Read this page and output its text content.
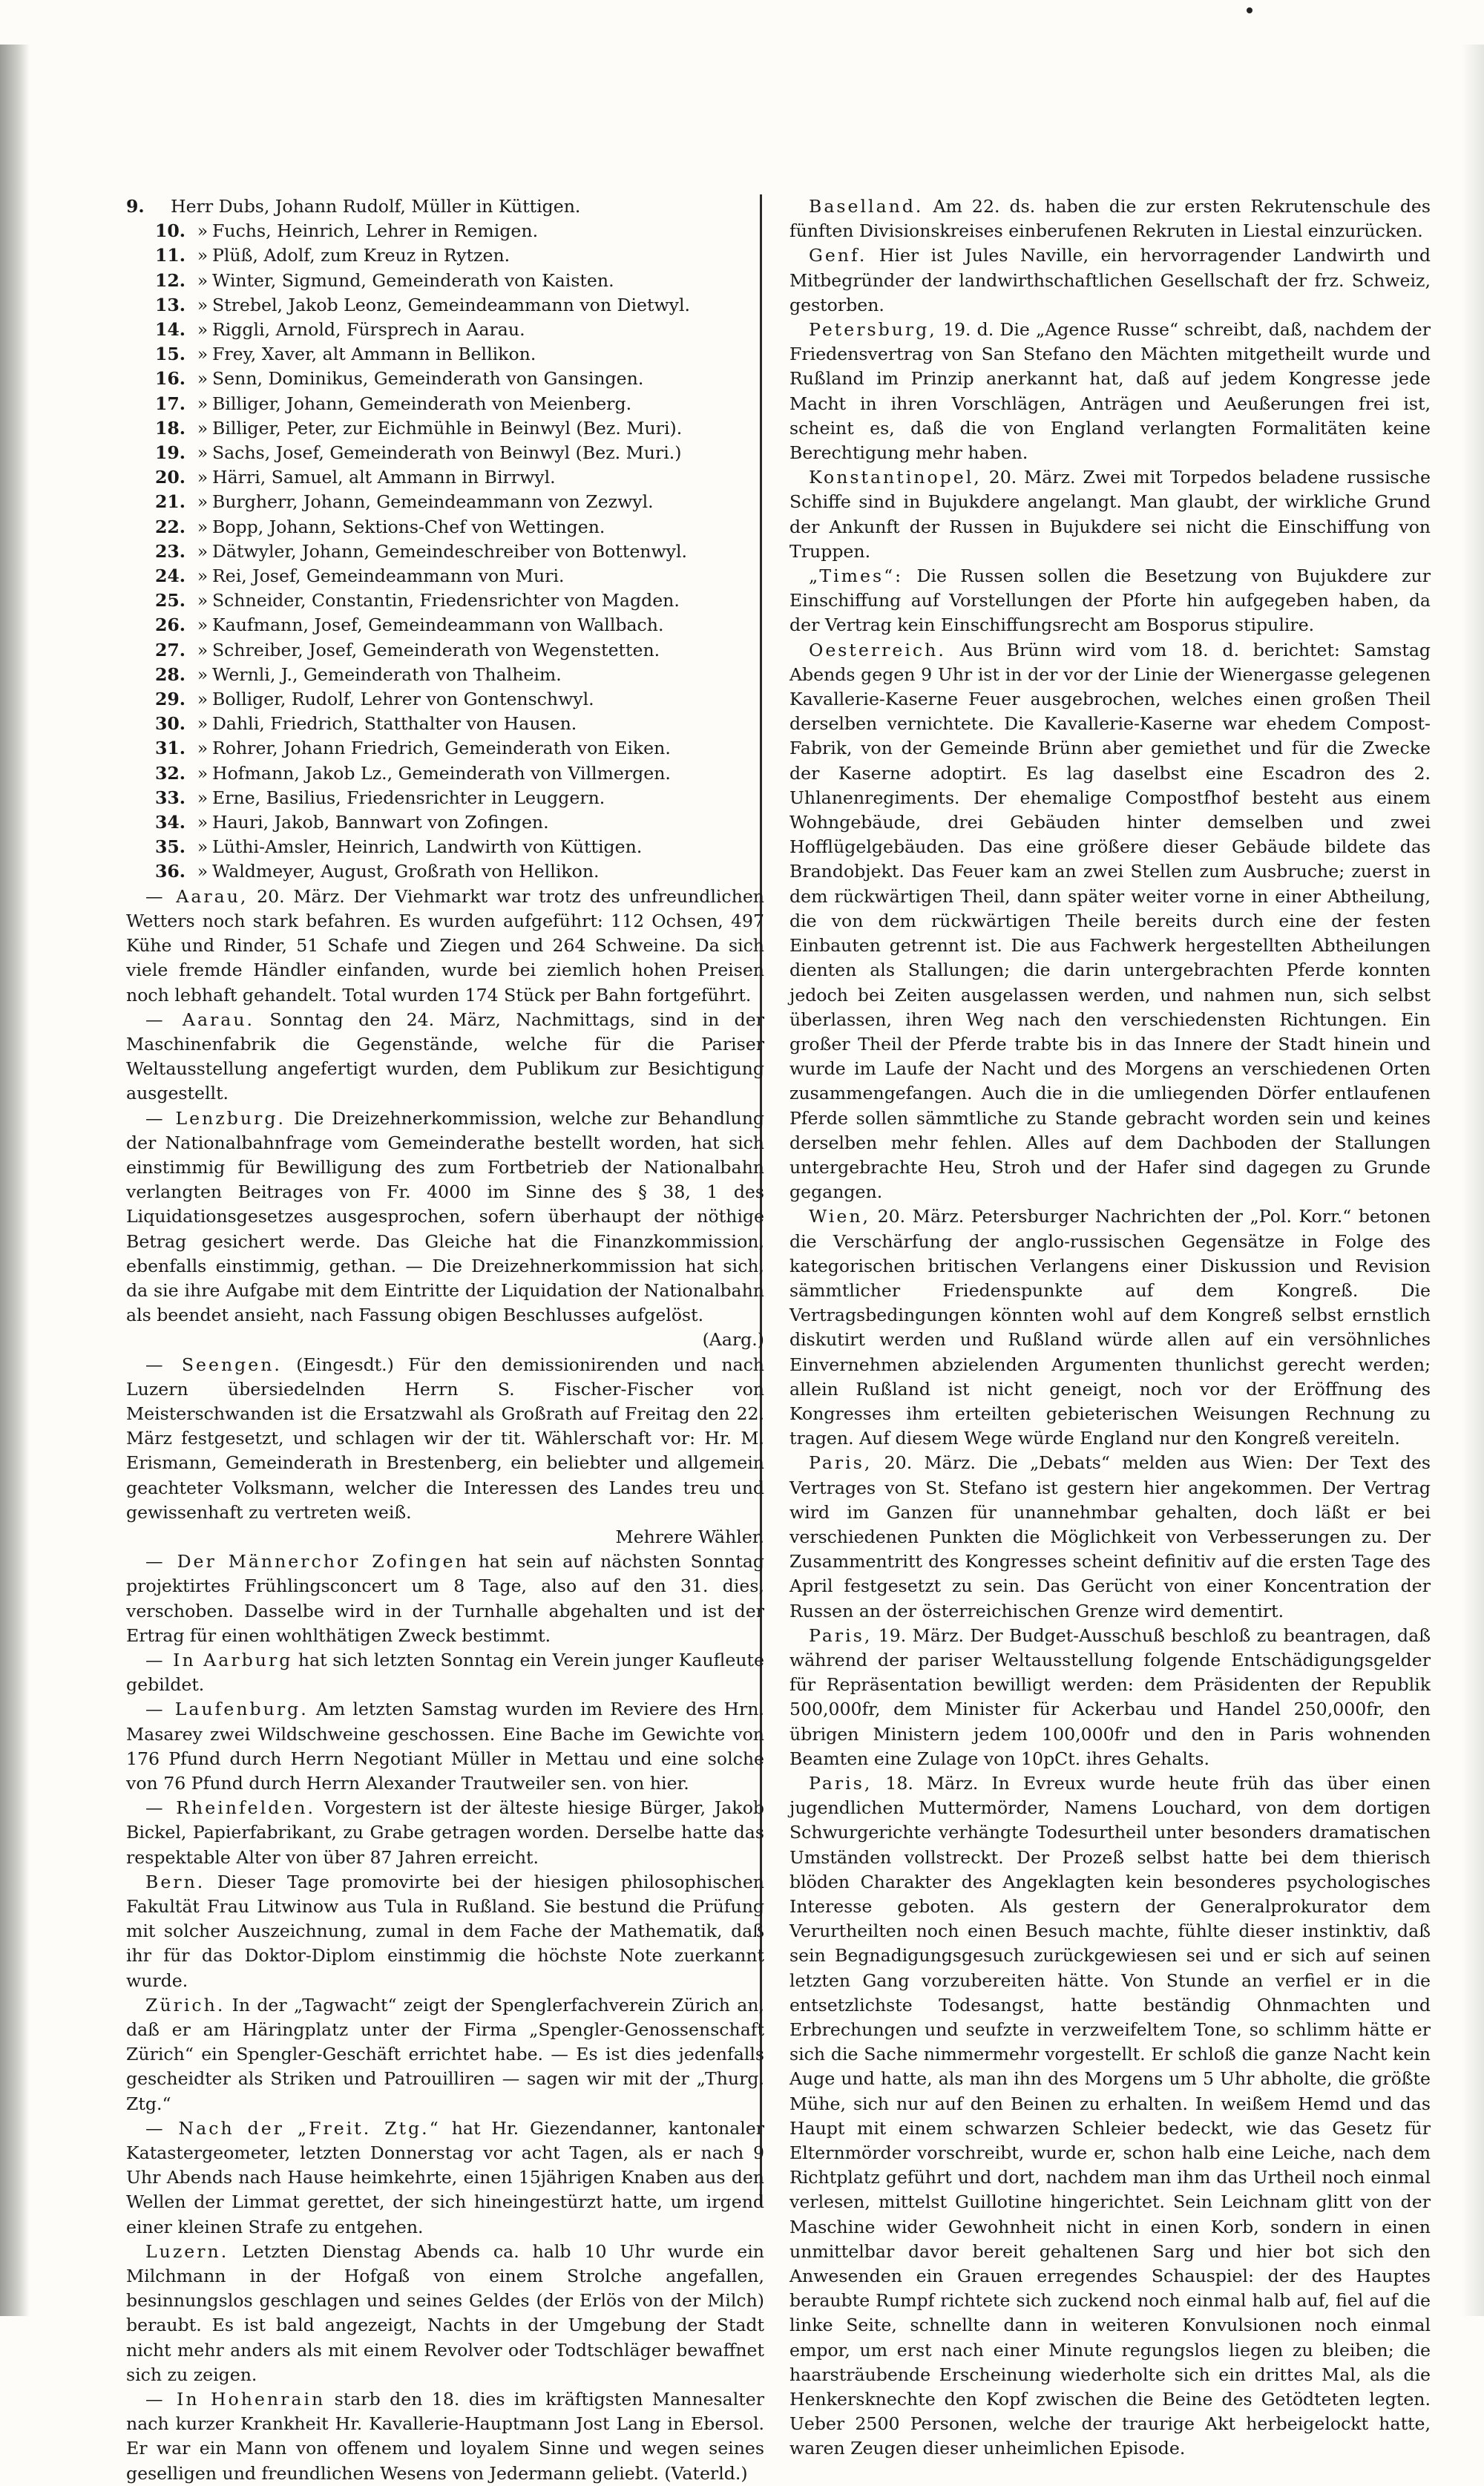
9.	Herr Dubs, Johann Rudolf, Müller in Küttigen.
10. » Fuchs, Heinrich, Lehrer in Remigen.
11. » Plüß, Adolf, zum Kreuz in Rytzen.
12. » Winter, Sigmund, Gemeinderath von Kaisten.
13. » Strebel, Jakob Leonz, Gemeindeammann von Dietwyl.
14. » Riggli, Arnold, Fürsprech in Aarau.
15. » Frey, Xaver, alt Ammann in Bellikon.
16. » Senn, Dominikus, Gemeinderath von Gansingen.
17. » Billiger, Johann, Gemeinderath von Meienberg.
18. » Billiger, Peter, zur Eichmühle in Beinwyl (Bez. Muri).
19. » Sachs, Josef, Gemeinderath von Beinwyl (Bez. Muri.)
20. » Härri, Samuel, alt Ammann in Birrwyl.
21. » Burgherr, Johann, Gemeindeammann von Zezwyl.
22. » Bopp, Johann, Sektions-Chef von Wettingen.
23. » Dätwyler, Johann, Gemeindeschreiber von Bottenwyl.
24. » Rei, Josef, Gemeindeammann von Muri.
25. » Schneider, Constantin, Friedensrichter von Magden.
26. » Kaufmann, Josef, Gemeindeammann von Wallbach.
27. » Schreiber, Josef, Gemeinderath von Wegenstetten.
28. » Wernli, J., Gemeinderath von Thalheim.
29. » Bolliger, Rudolf, Lehrer von Gontenschwyl.
30. » Dahli, Friedrich, Statthalter von Hausen.
31. » Rohrer, Johann Friedrich, Gemeinderath von Eiken.
32. » Hofmann, Jakob Lz., Gemeinderath von Villmergen.
33. » Erne, Basilius, Friedensrichter in Leuggern.
34. » Hauri, Jakob, Bannwart von Zofingen.
35. » Lüthi-Amsler, Heinrich, Landwirth von Küttigen.
36. » Waldmeyer, August, Großrath von Hellikon.

— Aarau, 20. März. Der Viehmarkt war trotz des unfreundlichen Wetters noch stark befahren. Es wurden aufgeführt: 112 Ochsen, 497 Kühe und Rinder, 51 Schafe und Ziegen und 264 Schweine. Da sich viele fremde Händler einfanden, wurde bei ziemlich hohen Preisen noch lebhaft gehandelt. Total wurden 174 Stück per Bahn fortgeführt.

— Aarau. Sonntag den 24. März, Nachmittags, sind in der Maschinenfabrik die Gegenstände, welche für die Pariser Weltausstellung angefertigt wurden, dem Publikum zur Besichtigung ausgestellt.

— Lenzburg. Die Dreizehnerkommission, welche zur Behandlung der Nationalbahnfrage vom Gemeinderathe bestellt worden, hat sich einstimmig für Bewilligung des zum Fortbetrieb der Nationalbahn verlangten Beitrages von Fr. 4000 im Sinne des § 38, 1 des Liquidationsgesetzes ausgesprochen, sofern überhaupt der nöthige Betrag gesichert werde. Das Gleiche hat die Finanzkommission, ebenfalls einstimmig, gethan. — Die Dreizehnerkommission hat sich, da sie ihre Aufgabe mit dem Eintritte der Liquidation der Nationalbahn als beendet ansieht, nach Fassung obigen Beschlusses aufgelöst.
(Aarg.)

— Seengen. (Eingesdt.) Für den demissionirenden und nach Luzern übersiedelnden Herrn S. Fischer-Fischer von Meisterschwanden ist die Ersatzwahl als Großrath auf Freitag den 22. März festgesetzt, und schlagen wir der tit. Wählerschaft vor: Hr. M. Erismann, Gemeinderath in Brestenberg, ein beliebter und allgemein geachteter Volksmann, welcher die Interessen des Landes treu und gewissenhaft zu vertreten weiß.
Mehrere Wähler.

— Der Männerchor Zofingen hat sein auf nächsten Sonntag projektirtes Frühlingsconcert um 8 Tage, also auf den 31. dies, verschoben. Dasselbe wird in der Turnhalle abgehalten und ist der Ertrag für einen wohlthätigen Zweck bestimmt.

— In Aarburg hat sich letzten Sonntag ein Verein junger Kaufleute gebildet.

— Laufenburg. Am letzten Samstag wurden im Reviere des Hrn. Masarey zwei Wildschweine geschossen. Eine Bache im Gewichte von 176 Pfund durch Herrn Negotiant Müller in Mettau und eine solche von 76 Pfund durch Herrn Alexander Trautweiler sen. von hier.

— Rheinfelden. Vorgestern ist der älteste hiesige Bürger, Jakob Bickel, Papierfabrikant, zu Grabe getragen worden. Derselbe hatte das respektable Alter von über 87 Jahren erreicht.

Bern. Dieser Tage promovirte bei der hiesigen philosophischen Fakultät Frau Litwinow aus Tula in Rußland. Sie bestund die Prüfung mit solcher Auszeichnung, zumal in dem Fache der Mathematik, daß ihr für das Doktor-Diplom einstimmig die höchste Note zuerkannt wurde.

Zürich. In der „Tagwacht“ zeigt der Spenglerfachverein Zürich an, daß er am Häringplatz unter der Firma „Spengler-Genossenschaft Zürich“ ein Spengler-Geschäft errichtet habe. — Es ist dies jedenfalls gescheidter als Striken und Patrouilliren — sagen wir mit der „Thurg. Ztg.“

— Nach der „Freit. Ztg.“ hat Hr. Giezendanner, kantonaler Katastergeometer, letzten Donnerstag vor acht Tagen, als er nach 9 Uhr Abends nach Hause heimkehrte, einen 15jährigen Knaben aus den Wellen der Limmat gerettet, der sich hineingestürzt hatte, um irgend einer kleinen Strafe zu entgehen.

Luzern. Letzten Dienstag Abends ca. halb 10 Uhr wurde ein Milchmann in der Hofgaß von einem Strolche angefallen, besinnungslos geschlagen und seines Geldes (der Erlös von der Milch) beraubt. Es ist bald angezeigt, Nachts in der Umgebung der Stadt nicht mehr anders als mit einem Revolver oder Todtschläger bewaffnet sich zu zeigen.

— In Hohenrain starb den 18. dies im kräftigsten Mannesalter nach kurzer Krankheit Hr. Kavallerie-Hauptmann Jost Lang in Ebersol. Er war ein Mann von offenem und loyalem Sinne und wegen seines geselligen und freundlichen Wesens von Jedermann geliebt. (Vaterld.)

Baselland. Am 22. ds. haben die zur ersten Rekrutenschule des fünften Divisionskreises einberufenen Rekruten in Liestal einzurücken.

Genf. Hier ist Jules Naville, ein hervorragender Landwirth und Mitbegründer der landwirthschaftlichen Gesellschaft der frz. Schweiz, gestorben.

Petersburg, 19. d. Die „Agence Russe“ schreibt, daß, nachdem der Friedensvertrag von San Stefano den Mächten mitgetheilt wurde und Rußland im Prinzip anerkannt hat, daß auf jedem Kongresse jede Macht in ihren Vorschlägen, Anträgen und Aeußerungen frei ist, scheint es, daß die von England verlangten Formalitäten keine Berechtigung mehr haben.

Konstantinopel, 20. März. Zwei mit Torpedos beladene russische Schiffe sind in Bujukdere angelangt. Man glaubt, der wirkliche Grund der Ankunft der Russen in Bujukdere sei nicht die Einschiffung von Truppen.

„Times“: Die Russen sollen die Besetzung von Bujukdere zur Einschiffung auf Vorstellungen der Pforte hin aufgegeben haben, da der Vertrag kein Einschiffungsrecht am Bosporus stipulire.

Oesterreich. Aus Brünn wird vom 18. d. berichtet: Samstag Abends gegen 9 Uhr ist in der vor der Linie der Wienergasse gelegenen Kavallerie-Kaserne Feuer ausgebrochen, welches einen großen Theil derselben vernichtete. Die Kavallerie-Kaserne war ehedem Compost-Fabrik, von der Gemeinde Brünn aber gemiethet und für die Zwecke der Kaserne adoptirt. Es lag daselbst eine Escadron des 2. Uhlanenregiments. Der ehemalige Compostfhof besteht aus einem Wohngebäude, drei Gebäuden hinter demselben und zwei Hofflügelgebäuden. Das eine größere dieser Gebäude bildete das Brandobjekt. Das Feuer kam an zwei Stellen zum Ausbruche; zuerst in dem rückwärtigen Theil, dann später weiter vorne in einer Abtheilung, die von dem rückwärtigen Theile bereits durch eine der festen Einbauten getrennt ist. Die aus Fachwerk hergestellten Abtheilungen dienten als Stallungen; die darin untergebrachten Pferde konnten jedoch bei Zeiten ausgelassen werden, und nahmen nun, sich selbst überlassen, ihren Weg nach den verschiedensten Richtungen. Ein großer Theil der Pferde trabte bis in das Innere der Stadt hinein und wurde im Laufe der Nacht und des Morgens an verschiedenen Orten zusammengefangen. Auch die in die umliegenden Dörfer entlaufenen Pferde sollen sämmtliche zu Stande gebracht worden sein und keines derselben mehr fehlen. Alles auf dem Dachboden der Stallungen untergebrachte Heu, Stroh und der Hafer sind dagegen zu Grunde gegangen.

Wien, 20. März. Petersburger Nachrichten der „Pol. Korr.“ betonen die Verschärfung der anglo-russischen Gegensätze in Folge des kategorischen britischen Verlangens einer Diskussion und Revision sämmtlicher Friedenspunkte auf dem Kongreß. Die Vertragsbedingungen könnten wohl auf dem Kongreß selbst ernstlich diskutirt werden und Rußland würde allen auf ein versöhnliches Einvernehmen abzielenden Argumenten thunlichst gerecht werden; allein Rußland ist nicht geneigt, noch vor der Eröffnung des Kongresses ihm erteilten gebieterischen Weisungen Rechnung zu tragen. Auf diesem Wege würde England nur den Kongreß vereiteln.

Paris, 20. März. Die „Debats“ melden aus Wien: Der Text des Vertrages von St. Stefano ist gestern hier angekommen. Der Vertrag wird im Ganzen für unannehmbar gehalten, doch läßt er bei verschiedenen Punkten die Möglichkeit von Verbesserungen zu. Der Zusammentritt des Kongresses scheint definitiv auf die ersten Tage des April festgesetzt zu sein. Das Gerücht von einer Koncentration der Russen an der österreichischen Grenze wird dementirt.

Paris, 19. März. Der Budget-Ausschuß beschloß zu beantragen, daß während der pariser Weltausstellung folgende Entschädigungsgelder für Repräsentation bewilligt werden: dem Präsidenten der Republik 500,000fr, dem Minister für Ackerbau und Handel 250,000fr, den übrigen Ministern jedem 100,000fr und den in Paris wohnenden Beamten eine Zulage von 10pCt. ihres Gehalts.

Paris, 18. März. In Evreux wurde heute früh das über einen jugendlichen Muttermörder, Namens Louchard, von dem dortigen Schwurgerichte verhängte Todesurtheil unter besonders dramatischen Umständen vollstreckt. Der Prozeß selbst hatte bei dem thierisch blöden Charakter des Angeklagten kein besonderes psychologisches Interesse geboten. Als gestern der Generalprokurator dem Verurtheilten noch einen Besuch machte, fühlte dieser instinktiv, daß sein Begnadigungsgesuch zurückgewiesen sei und er sich auf seinen letzten Gang vorzubereiten hätte. Von Stunde an verfiel er in die entsetzlichste Todesangst, hatte beständig Ohnmachten und Erbrechungen und seufzte in verzweifeltem Tone, so schlimm hätte er sich die Sache nimmermehr vorgestellt. Er schloß die ganze Nacht kein Auge und hatte, als man ihn des Morgens um 5 Uhr abholte, die größte Mühe, sich nur auf den Beinen zu erhalten. In weißem Hemd und das Haupt mit einem schwarzen Schleier bedeckt, wie das Gesetz für Elternmörder vorschreibt, wurde er, schon halb eine Leiche, nach dem Richtplatz geführt und dort, nachdem man ihm das Urtheil noch einmal verlesen, mittelst Guillotine hingerichtet. Sein Leichnam glitt von der Maschine wider Gewohnheit nicht in einen Korb, sondern in einen unmittelbar davor bereit gehaltenen Sarg und hier bot sich den Anwesenden ein Grauen erregendes Schauspiel: der des Hauptes beraubte Rumpf richtete sich zuckend noch einmal halb auf, fiel auf die linke Seite, schnellte dann in weiteren Konvulsionen noch einmal empor, um erst nach einer Minute regungslos liegen zu bleiben; die haarsträubende Erscheinung wiederholte sich ein drittes Mal, als die Henkersknechte den Kopf zwischen die Beine des Getödteten legten. Ueber 2500 Personen, welche der traurige Akt herbeigelockt hatte, waren Zeugen dieser unheimlichen Episode.
